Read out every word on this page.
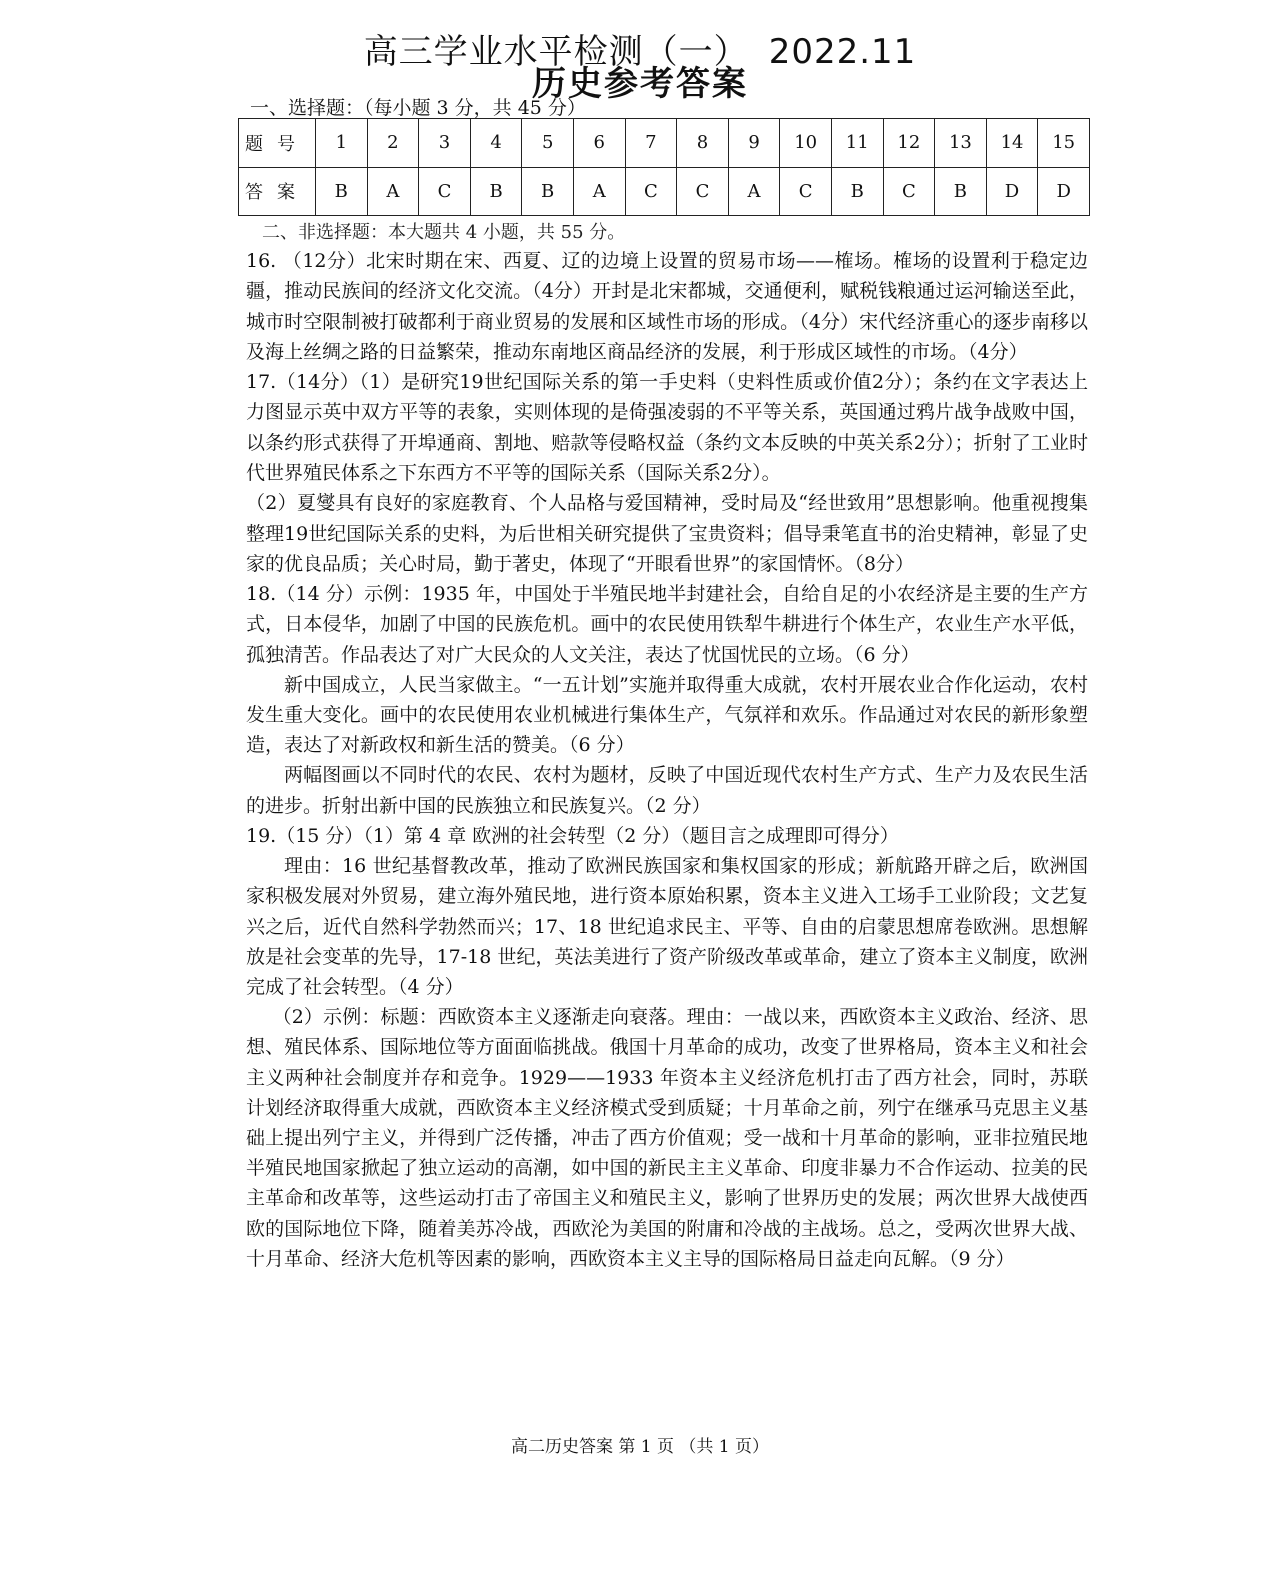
高三学业水平检测（一） 2022.11
历史参考答案
一、选择题：（每小题 3 分，共 45 分）
题号	1	2	3	4	5	6	7	8	9	10	11	12	13	14	15
答案	B	A	C	B	B	A	C	C	A	C	B	C	B	D	D
二、非选择题：本大题共 4 小题，共 55 分。

16. （12分）北宋时期在宋、西夏、辽的边境上设置的贸易市场——榷场。榷场的设置利于稳定边疆，推动民族间的经济文化交流。（4分）开封是北宋都城，交通便利，赋税钱粮通过运河输送至此，城市时空限制被打破都利于商业贸易的发展和区域性市场的形成。（4分）宋代经济重心的逐步南移以及海上丝绸之路的日益繁荣，推动东南地区商品经济的发展，利于形成区域性的市场。（4分）

17.（14分）（1）是研究19世纪国际关系的第一手史料（史料性质或价值2分）；条约在文字表达上力图显示英中双方平等的表象，实则体现的是倚强凌弱的不平等关系，英国通过鸦片战争战败中国，以条约形式获得了开埠通商、割地、赔款等侵略权益（条约文本反映的中英关系2分）；折射了工业时代世界殖民体系之下东西方不平等的国际关系（国际关系2分）。

（2）夏燮具有良好的家庭教育、个人品格与爱国精神，受时局及“经世致用”思想影响。他重视搜集整理19世纪国际关系的史料，为后世相关研究提供了宝贵资料；倡导秉笔直书的治史精神，彰显了史家的优良品质；关心时局，勤于著史，体现了“开眼看世界”的家国情怀。（8分）

18.（14 分）示例：1935 年，中国处于半殖民地半封建社会，自给自足的小农经济是主要的生产方式，日本侵华，加剧了中国的民族危机。画中的农民使用铁犁牛耕进行个体生产，农业生产水平低，孤独清苦。作品表达了对广大民众的人文关注，表达了忧国忧民的立场。（6 分）

新中国成立，人民当家做主。“一五计划”实施并取得重大成就，农村开展农业合作化运动，农村发生重大变化。画中的农民使用农业机械进行集体生产，气氛祥和欢乐。作品通过对农民的新形象塑造，表达了对新政权和新生活的赞美。（6 分）

两幅图画以不同时代的农民、农村为题材，反映了中国近现代农村生产方式、生产力及农民生活的进步。折射出新中国的民族独立和民族复兴。（2 分）

19.（15 分）（1）第 4 章 欧洲的社会转型（2 分）（题目言之成理即可得分）

理由：16 世纪基督教改革，推动了欧洲民族国家和集权国家的形成；新航路开辟之后，欧洲国家积极发展对外贸易，建立海外殖民地，进行资本原始积累，资本主义进入工场手工业阶段；文艺复兴之后，近代自然科学勃然而兴；17、18 世纪追求民主、平等、自由的启蒙思想席卷欧洲。思想解放是社会变革的先导，17-18 世纪，英法美进行了资产阶级改革或革命，建立了资本主义制度，欧洲完成了社会转型。（4 分）

（2）示例：标题：西欧资本主义逐渐走向衰落。理由：一战以来，西欧资本主义政治、经济、思想、殖民体系、国际地位等方面面临挑战。俄国十月革命的成功，改变了世界格局，资本主义和社会主义两种社会制度并存和竞争。1929——1933 年资本主义经济危机打击了西方社会，同时，苏联计划经济取得重大成就，西欧资本主义经济模式受到质疑；十月革命之前，列宁在继承马克思主义基础上提出列宁主义，并得到广泛传播，冲击了西方价值观；受一战和十月革命的影响，亚非拉殖民地半殖民地国家掀起了独立运动的高潮，如中国的新民主主义革命、印度非暴力不合作运动、拉美的民主革命和改革等，这些运动打击了帝国主义和殖民主义，影响了世界历史的发展；两次世界大战使西欧的国际地位下降，随着美苏冷战，西欧沦为美国的附庸和冷战的主战场。总之，受两次世界大战、十月革命、经济大危机等因素的影响，西欧资本主义主导的国际格局日益走向瓦解。（9 分）

高二历史答案 第 1 页 （共 1 页）
